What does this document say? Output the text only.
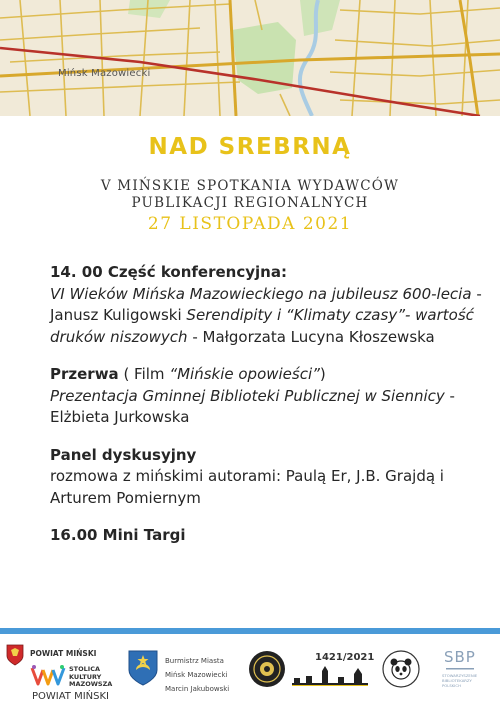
Mińsk Mazowiecki
NAD SREBRNĄ
V MIŃSKIE SPOTKANIA WYDAWCÓW
PUBLIKACJI REGIONALNYCH
27 LISTOPADA 2021

14. 00 Część konferencyjna:
VI Wieków Mińska Mazowieckiego na jubileusz 600-lecia - Janusz Kuligowski Serendipity i “Klimaty czasy”- wartość druków niszowych - Małgorzata Lucyna Kłoszewska

Przerwa ( Film “Mińskie opowieści”)
Prezentacja Gminnej Biblioteki Publicznej w Siennicy - Elżbieta Jurkowska

Panel dyskusyjny
rozmowa z mińskimi autorami: Paulą Er, J.B. Grajdą i Arturem Pomiernym

16.00 Mini Targi

POWIAT MIŃSKI
STOLICA
KULTURY
MAZOWSZA
POWIAT MIŃSKI
Burmistrz Miasta
Mińsk Mazowiecki
Marcin Jakubowski
1421/2021	SBP
STOWARZYSZENIE
BIBLIOTEKARZY
POLSKICH
